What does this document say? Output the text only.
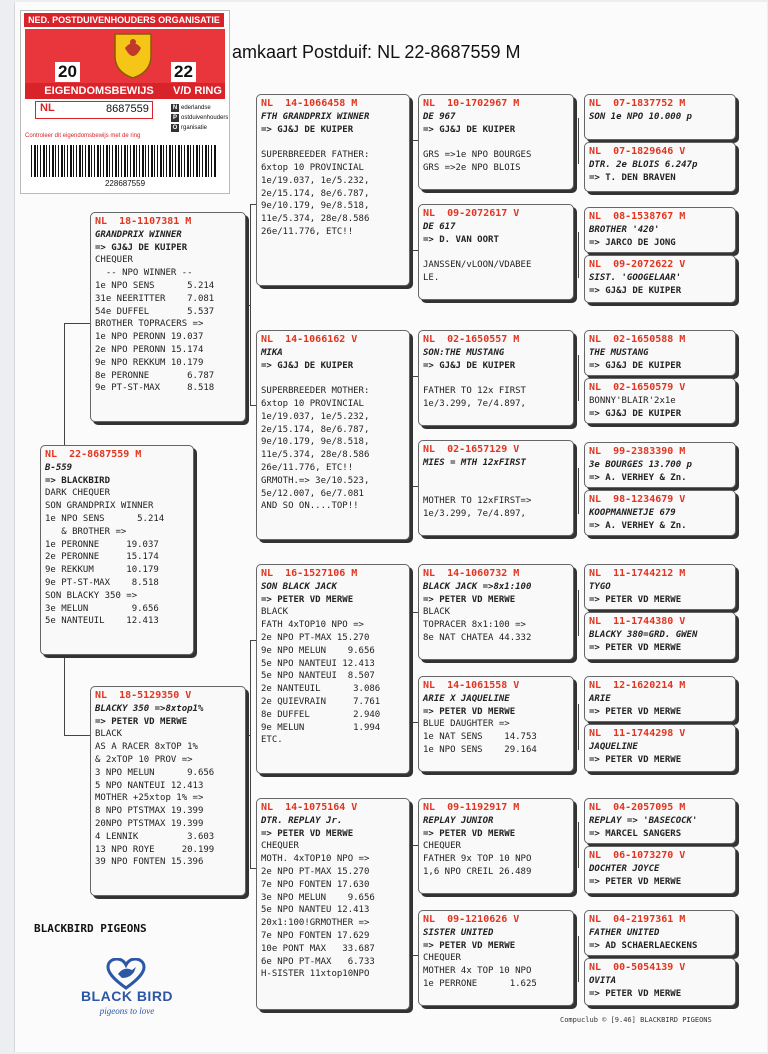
amkaart Postduif: NL 22-8687559 M
NED. POSTDUIVENHOUDERS ORGANISATIE
20	22
EIGENDOMSBEWIJS	V/D RING
NL	8687559	N ederlandse
P ostduivenhouders
O rganisatie
Controleer dit eigendomsbewijs met de ring
228687559
NL  22-8687559 M
B-559
=> BLACKBIRD
DARK CHEQUER
SON GRANDPRIX WINNER
1e NPO SENS      5.214
& BROTHER =>
1e PERONNE     19.037
2e PERONNE     15.174
9e REKKUM      10.179
9e PT-ST-MAX    8.518
SON BLACKY 350 =>
3e MELUN        9.656
5e NANTEUIL    12.413
NL  18-1107381 M
GRANDPRIX WINNER
=> GJ&J DE KUIPER
CHEQUER
-- NPO WINNER --
1e NPO SENS      5.214
31e NEERITTER    7.081
54e DUFFEL       5.537
BROTHER TOPRACERS =>
1e NPO PERONN 19.037
2e NPO PERONN 15.174
9e NPO REKKUM 10.179
8e PERONNE       6.787
9e PT-ST-MAX     8.518
NL  18-5129350 V
BLACKY 350 =>8xtop1%
=> PETER VD MERWE
BLACK
AS A RACER 8xTOP 1%
& 2xTOP 10 PROV =>
3 NPO MELUN      9.656
5 NPO NANTEUI 12.413
MOTHER +25xtop 1% =>
8 NPO PTSTMAX 19.399
20NPO PTSTMAX 19.399
4 LENNIK         3.603
13 NPO ROYE     20.199
39 NPO FONTEN 15.396
NL  14-1066458 M
FTH GRANDPRIX WINNER
=> GJ&J DE KUIPER

SUPERBREEDER FATHER:
6xtop 10 PROVINCIAL
1e/19.037, 1e/5.232,
2e/15.174, 8e/6.787,
9e/10.179, 9e/8.518,
11e/5.374, 28e/8.586
26e/11.776, ETC!!
NL  14-1066162 V
MIKA
=> GJ&J DE KUIPER

SUPERBREEDER MOTHER:
6xtop 10 PROVINCIAL
1e/19.037, 1e/5.232,
2e/15.174, 8e/6.787,
9e/10.179, 9e/8.518,
11e/5.374, 28e/8.586
26e/11.776, ETC!!
GRMOTH.=> 3e/10.523,
5e/12.007, 6e/7.081
AND SO ON....TOP!!
NL  16-1527106 M
SON BLACK JACK
=> PETER VD MERWE
BLACK
FATH 4xTOP10 NPO =>
2e NPO PT-MAX 15.270
9e NPO MELUN    9.656
5e NPO NANTEUI 12.413
5e NPO NANTEUI  8.507
2e NANTEUIL      3.086
2e QUIEVRAIN     7.761
8e DUFFEL        2.940
9e MELUN         1.994
ETC.
NL  14-1075164 V
DTR. REPLAY Jr.
=> PETER VD MERWE
CHEQUER
MOTH. 4xTOP10 NPO =>
2e NPO PT-MAX 15.270
7e NPO FONTEN 17.630
3e NPO MELUN    9.656
5e NPO NANTEU 12.413
20x1:100!GRMOTHER =>
7e NPO FONTEN 17.629
10e PONT MAX   33.687
6e NPO PT-MAX   6.733
H-SISTER 11xtop10NPO
NL  10-1702967 M
DE 967
=> GJ&J DE KUIPER

GRS =>1e NPO BOURGES
GRS =>2e NPO BLOIS
NL  09-2072617 V
DE 617
=> D. VAN OORT

JANSSEN/vLOON/VDABEE
LE.
NL  02-1650557 M
SON:THE MUSTANG
=> GJ&J DE KUIPER

FATHER TO 12x FIRST
1e/3.299, 7e/4.897,
NL  02-1657129 V
MIES = MTH 12xFIRST

MOTHER TO 12xFIRST=>
1e/3.299, 7e/4.897,
NL  14-1060732 M
BLACK JACK =>8x1:100
=> PETER VD MERWE
BLACK
TOPRACER 8x1:100 =>
8e NAT CHATEA 44.332
NL  14-1061558 V
ARIE X JAQUELINE
=> PETER VD MERWE
BLUE DAUGHTER =>
1e NAT SENS    14.753
1e NPO SENS    29.164
NL  09-1192917 M
REPLAY JUNIOR
=> PETER VD MERWE
CHEQUER
FATHER 9x TOP 10 NPO
1,6 NPO CREIL 26.489
NL  09-1210626 V
SISTER UNITED
=> PETER VD MERWE
CHEQUER
MOTHER 4x TOP 10 NPO
1e PERRONE      1.625
NL  07-1837752 M
SON 1e NPO 10.000 p
NL  07-1829646 V
DTR. 2e BLOIS 6.247p
=> T. DEN BRAVEN
NL  08-1538767 M
BROTHER '420'
=> JARCO DE JONG
NL  09-2072622 V
SIST. 'GOOGELAAR'
=> GJ&J DE KUIPER
NL  02-1650588 M
THE MUSTANG
=> GJ&J DE KUIPER
NL  02-1650579 V
BONNY'BLAIR'2x1e
=> GJ&J DE KUIPER
NL  99-2383390 M
3e BOURGES 13.700 p
=> A. VERHEY & Zn.
NL  98-1234679 V
KOOPMANNETJE 679
=> A. VERHEY & Zn.
NL  11-1744212 M
TYGO
=> PETER VD MERWE
NL  11-1744380 V
BLACKY 380=GRD. GWEN
=> PETER VD MERWE
NL  12-1620214 M
ARIE
=> PETER VD MERWE
NL  11-1744298 V
JAQUELINE
=> PETER VD MERWE
NL  04-2057095 M
REPLAY => 'BASECOCK'
=> MARCEL SANGERS
NL  06-1073270 V
DOCHTER JOYCE
=> PETER VD MERWE
NL  04-2197361 M
FATHER UNITED
=> AD SCHAERLAECKENS
NL  00-5054139 V
OVITA
=> PETER VD MERWE
BLACKBIRD PIGEONS
BLACK BIRD
pigeons to love
Compuclub © [9.46] BLACKBIRD PIGEONS
